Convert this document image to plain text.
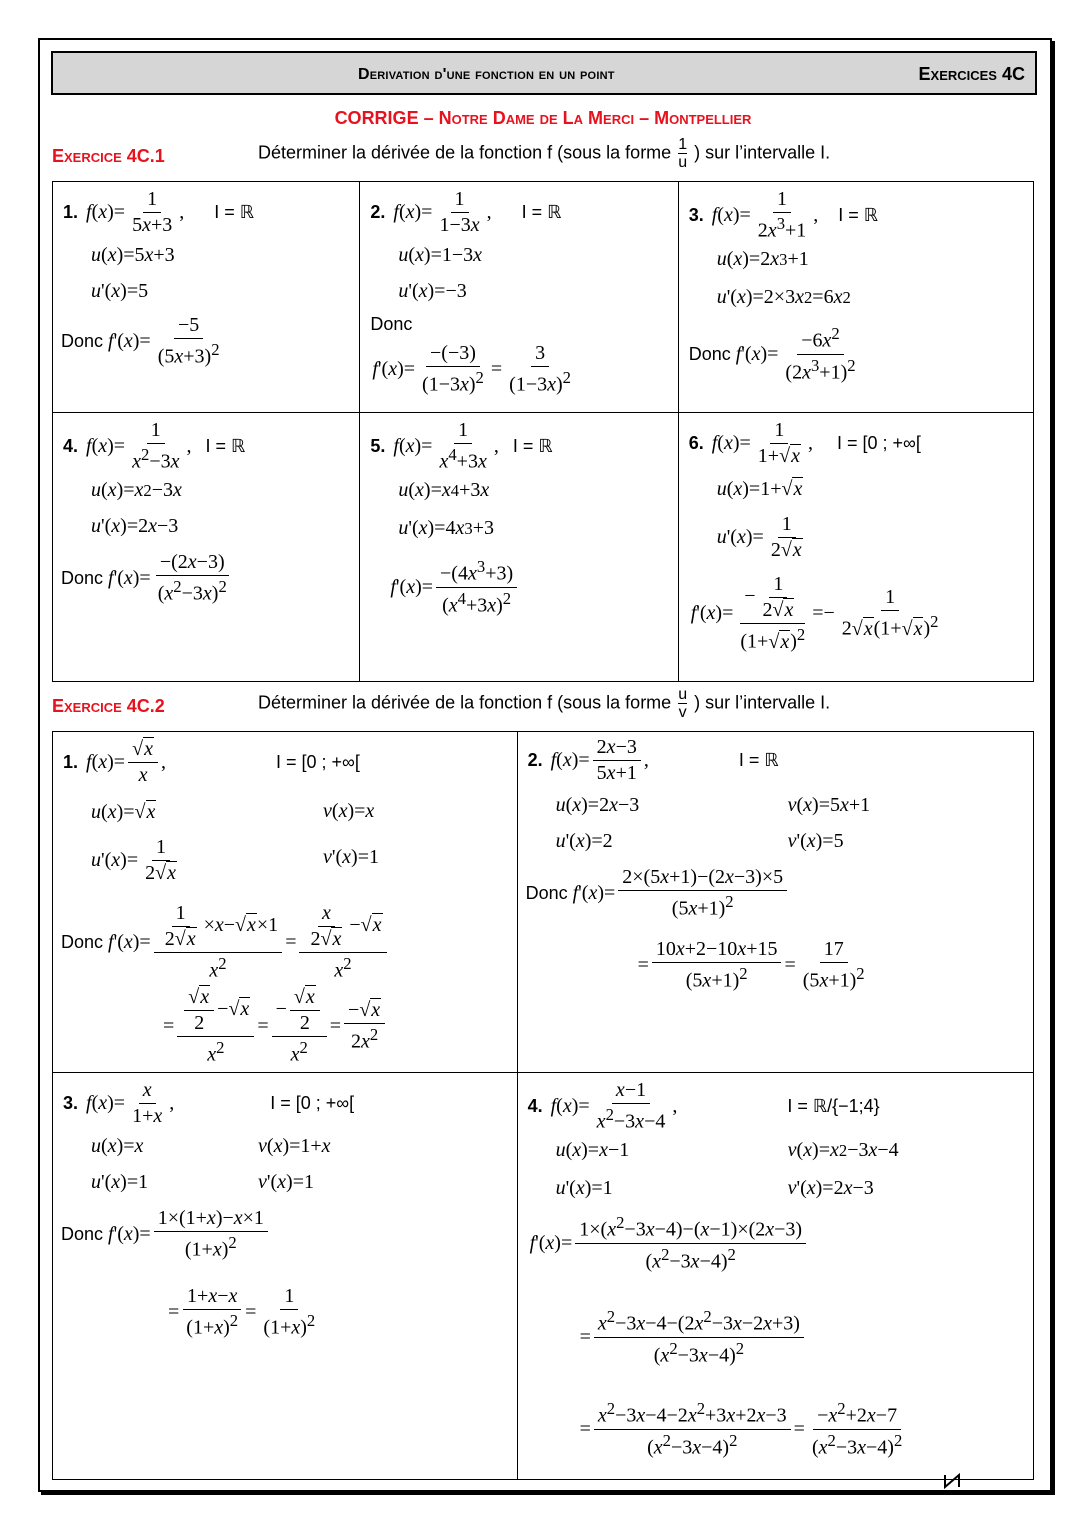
Derivation d'une fonction en un point	Exercices 4C
CORRIGE – Notre Dame de La Merci – Montpellier
Exercice 4C.1	Déterminer la dérivée de la fonction f (sous la forme $\frac{1}{u}$ ) sur l’intervalle I.
1. f ( x )=
1
5x+3
, I = ℝ
u ( x )=5 x +3
u '( x )=5
Donc
f '( x )=
−5
$(5x+3)^2$

2. f ( x )=
1
1−3x
, I = ℝ
u ( x )=1−3 x
u '( x )=−3
Donc
f '( x )=
−(−3)
$(1-3x)^2$ =
3
$(1-3x)^2$

3. f ( x )=
1
$2x^3+1$
, I = ℝ
u ( x )=2 x 3 +1
u '( x )=2×3 x 2 =6 x 2
Donc
f '( x )=
$-6x^2$
$(2x^3+1)^2$

4. f ( x )=
1
$x^2-3x$
, I = ℝ
u ( x )= x 2 −3 x
u '( x )=2 x −3
Donc
f '( x )=
−(2x−3)
$(x^2-3x)^2$

5. f ( x )=
1
$x^4+3x$
, I = ℝ
u ( x )= x 4 +3 x
u '( x )=4 x 3 +3
f '( x )=
$-(4x^3+3)$
$(x^4+3x)^2$

6. f ( x )=
1
1+√ x
, I = [0 ; +∞[
u ( x )=1+
√ x
u '( x )=
1
2√ x
f '( x )=
− $\frac{1}{2√ x}$
(1+√ x)$^2$
=−
1
2√ x(1+√ x)$^2$
Exercice 4C.2	Déterminer la dérivée de la fonction f (sous la forme $\frac{u}{v}$ ) sur l’intervalle I.
1. f ( x )=
√ x
x
,	I = [0 ; +∞[
u ( x )=
√ x	v ( x )= x
u '( x )=
1
2√ x
v '( x )=1
Donc
f '( x )= $\frac{1}{2√ x} \times x-√$ x×1
$x^2$
= $\frac{x}{2√ x}$ −√ x
$x^2$
=
√ $\frac{x}{2}$ −√ x
$x^2$
=
−
√ $\frac{x}{2}$
$x^2$
=
−√ x
$2x^2$

2. f ( x )=
2x−3
5x+1
,	I = ℝ
u ( x )=2 x −3	v ( x )=5 x +1
u '( x )=2	v '( x )=5
Donc
f '( x )=
2×(5x+1)−(2x−3)×5
$(5x+1)^2$
=
10x+2−10x+15
$(5x+1)^2$ =
17
$(5x+1)^2$

3. f ( x )=
x
1+x
,	I = [0 ; +∞[
u ( x )= x	v ( x )=1+ x
u '( x )=1	v '( x )=1
Donc
f '( x )=
1×(1+x)−x×1
$(1+x)^2$
=
1+x−x
$(1+x)^2$ =
1
$(1+x)^2$

4. f ( x )=
x−1
$x^2-3x-4$
,	I = ℝ/{−1;4}
u ( x )= x −1	v ( x )= x 2 −3 x −4
u '( x )=1	v '( x )=2 x −3
f '( x )=
$1\times(x^2-3x-4)-(x-1)\times(2x-3)$
$(x^2-3x-4)^2$
=
$x^2-3x-4-(2x^2-3x-2x+3)$
$(x^2-3x-4)^2$
=
$x^2-3x-4-2x^2+3x+2x-3$
$(x^2-3x-4)^2$
=
$-x^2+2x-7$
$(x^2-3x-4)^2$
